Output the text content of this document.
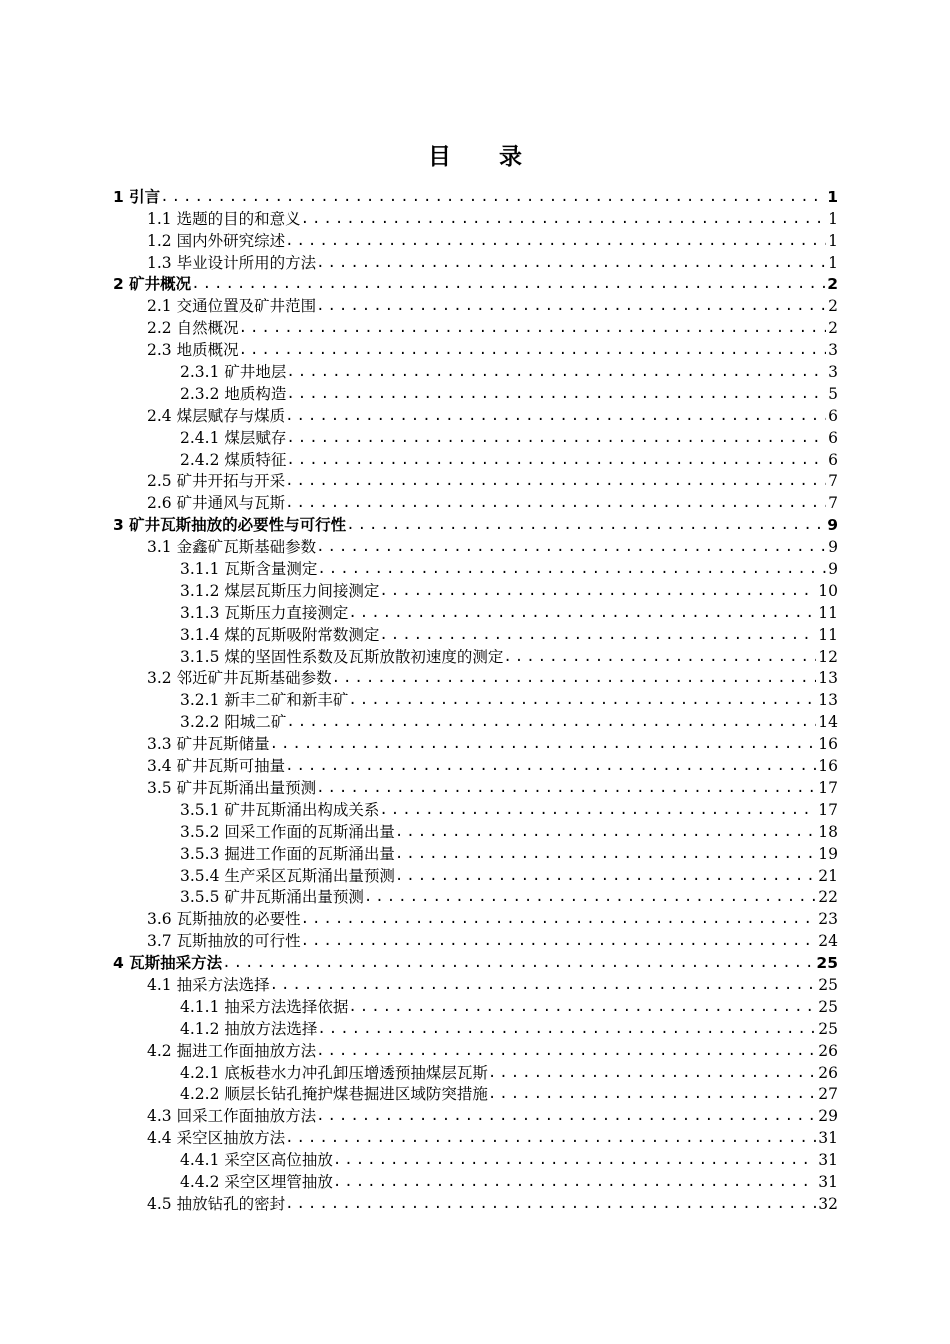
目 录
1 引言 .....	1
1.1 选题的目的和意义 .....	1
1.2 国内外研究综述 .....	1
1.3 毕业设计所用的方法 .....	1
2 矿井概况 .....	2
2.1 交通位置及矿井范围 .....	2
2.2 自然概况 .....	2
2.3 地质概况 .....	3
2.3.1 矿井地层 .....	3
2.3.2 地质构造 .....	5
2.4 煤层赋存与煤质 .....	6
2.4.1 煤层赋存 .....	6
2.4.2 煤质特征 .....	6
2.5 矿井开拓与开采 .....	7
2.6 矿井通风与瓦斯 .....	7
3 矿井瓦斯抽放的必要性与可行性 .....	9
3.1 金鑫矿瓦斯基础参数 .....	9
3.1.1 瓦斯含量测定 .....	9
3.1.2 煤层瓦斯压力间接测定 .....	10
3.1.3 瓦斯压力直接测定 .....	11
3.1.4 煤的瓦斯吸附常数测定 .....	11
3.1.5 煤的坚固性系数及瓦斯放散初速度的测定 .....	12
3.2 邻近矿井瓦斯基础参数 .....	13
3.2.1 新丰二矿和新丰矿 .....	13
3.2.2 阳城二矿 .....	14
3.3 矿井瓦斯储量 .....	16
3.4 矿井瓦斯可抽量 .....	16
3.5 矿井瓦斯涌出量预测 .....	17
3.5.1 矿井瓦斯涌出构成关系 .....	17
3.5.2 回采工作面的瓦斯涌出量 .....	18
3.5.3 掘进工作面的瓦斯涌出量 .....	19
3.5.4 生产采区瓦斯涌出量预测 .....	21
3.5.5 矿井瓦斯涌出量预测 .....	22
3.6 瓦斯抽放的必要性 .....	23
3.7 瓦斯抽放的可行性 .....	24
4 瓦斯抽采方法 .....	25
4.1 抽采方法选择 .....	25
4.1.1 抽采方法选择依据 .....	25
4.1.2 抽放方法选择 .....	25
4.2 掘进工作面抽放方法 .....	26
4.2.1 底板巷水力冲孔卸压增透预抽煤层瓦斯 .....	26
4.2.2 顺层长钻孔掩护煤巷掘进区域防突措施 .....	27
4.3 回采工作面抽放方法 .....	29
4.4 采空区抽放方法 .....	31
4.4.1 采空区高位抽放 .....	31
4.4.2 采空区埋管抽放 .....	31
4.5 抽放钻孔的密封 .....	32
